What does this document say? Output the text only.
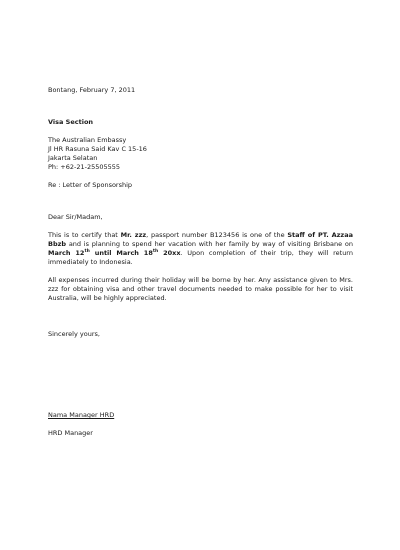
Bontang, February 7, 2011
Visa Section
The Australian Embassy
Jl HR Rasuna Said Kav C 15-16
Jakarta Selatan
Ph: +62-21-25505555
Re : Letter of Sponsorship
Dear Sir/Madam,
This is to certify that Mr. zzz, passport number B123456 is one of the Staff of PT. Azzaa Bbzb and is planning to spend her vacation with her family by way of visiting Brisbane on March 12th until March 18th 20xx. Upon completion of their trip, they will return immediately to Indonesia.
All expenses incurred during their holiday will be borne by her. Any assistance given to Mrs. zzz for obtaining visa and other travel documents needed to make possible for her to visit Australia, will be highly appreciated.
Sincerely yours,
Nama Manager HRD
HRD Manager
